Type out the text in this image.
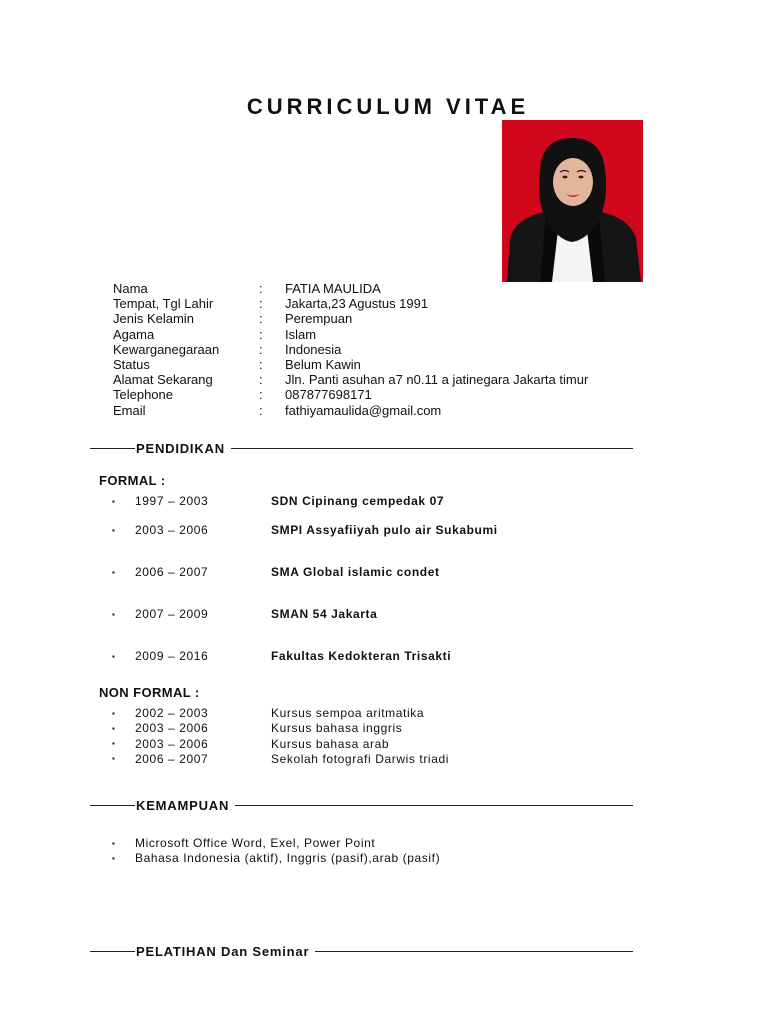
CURRICULUM VITAE
Nama	:	FATIA MAULIDA
Tempat, Tgl Lahir	:	Jakarta,23 Agustus 1991
Jenis Kelamin	:	Perempuan
Agama	:	Islam
Kewarganegaraan	:	Indonesia
Status	:	Belum Kawin
Alamat Sekarang	:	Jln. Panti asuhan a7 n0.11 a jatinegara Jakarta timur
Telephone	:	087877698171
Email	:	fathiyamaulida@gmail.com
PENDIDIKAN
FORMAL :
▪	1997 – 2003	SDN Cipinang cempedak 07
▪	2003 – 2006	SMPI Assyafiiyah pulo air Sukabumi
▪	2006 – 2007	SMA Global islamic condet
▪	2007 – 2009	SMAN 54 Jakarta
▪	2009 – 2016	Fakultas Kedokteran Trisakti
NON FORMAL :
▪	2002 – 2003	Kursus sempoa aritmatika
▪	2003 – 2006	Kursus bahasa inggris
▪	2003 – 2006	Kursus bahasa arab
▪	2006 – 2007	Sekolah fotografi Darwis triadi
KEMAMPUAN
▪	Microsoft Office Word, Exel, Power Point
▪	Bahasa Indonesia (aktif), Inggris (pasif),arab (pasif)
PELATIHAN Dan Seminar
